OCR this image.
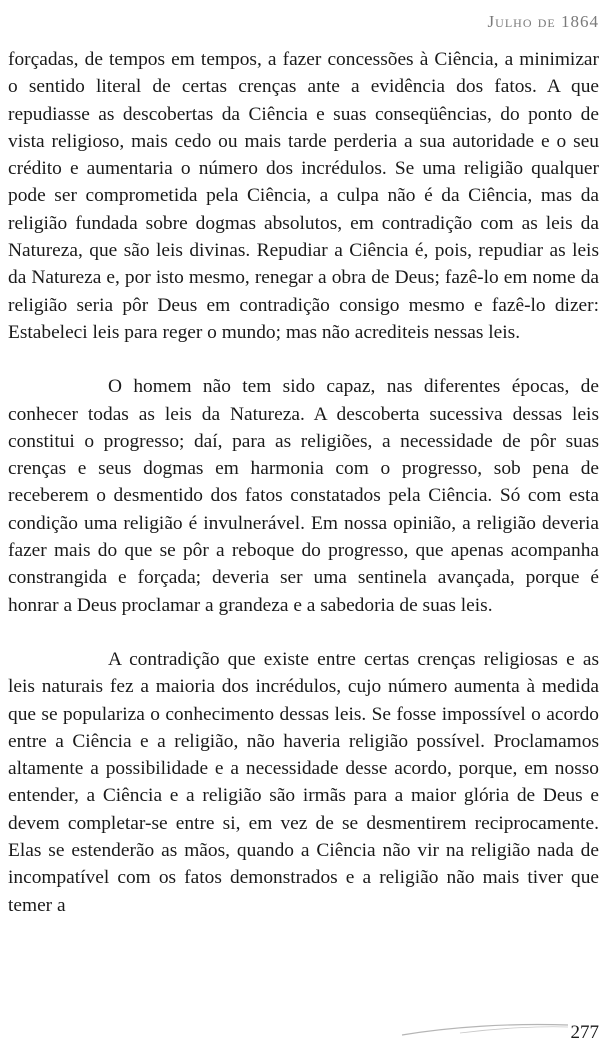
Julho de 1864

forçadas, de tempos em tempos, a fazer concessões à Ciência, a minimizar o sentido literal de certas crenças ante a evidência dos fatos. A que repudiasse as descobertas da Ciência e suas conseqüências, do ponto de vista religioso, mais cedo ou mais tarde perderia a sua autoridade e o seu crédito e aumentaria o número dos incrédulos. Se uma religião qualquer pode ser comprometida pela Ciência, a culpa não é da Ciência, mas da religião fundada sobre dogmas absolutos, em contradição com as leis da Natureza, que são leis divinas. Repudiar a Ciência é, pois, repudiar as leis da Natureza e, por isto mesmo, renegar a obra de Deus; fazê-lo em nome da religião seria pôr Deus em contradição consigo mesmo e fazê-lo dizer: Estabeleci leis para reger o mundo; mas não acrediteis nessas leis.

O homem não tem sido capaz, nas diferentes épocas, de conhecer todas as leis da Natureza. A descoberta sucessiva dessas leis constitui o progresso; daí, para as religiões, a necessidade de pôr suas crenças e seus dogmas em harmonia com o progresso, sob pena de receberem o desmentido dos fatos constatados pela Ciência. Só com esta condição uma religião é invulnerável. Em nossa opinião, a religião deveria fazer mais do que se pôr a reboque do progresso, que apenas acompanha constrangida e forçada; deveria ser uma sentinela avançada, porque é honrar a Deus proclamar a grandeza e a sabedoria de suas leis.

A contradição que existe entre certas crenças religiosas e as leis naturais fez a maioria dos incrédulos, cujo número aumenta à medida que se populariza o conhecimento dessas leis. Se fosse impossível o acordo entre a Ciência e a religião, não haveria religião possível. Proclamamos altamente a possibilidade e a necessidade desse acordo, porque, em nosso entender, a Ciência e a religião são irmãs para a maior glória de Deus e devem completar-se entre si, em vez de se desmentirem reciprocamente. Elas se estenderão as mãos, quando a Ciência não vir na religião nada de incompatível com os fatos demonstrados e a religião não mais tiver que temer a

277
